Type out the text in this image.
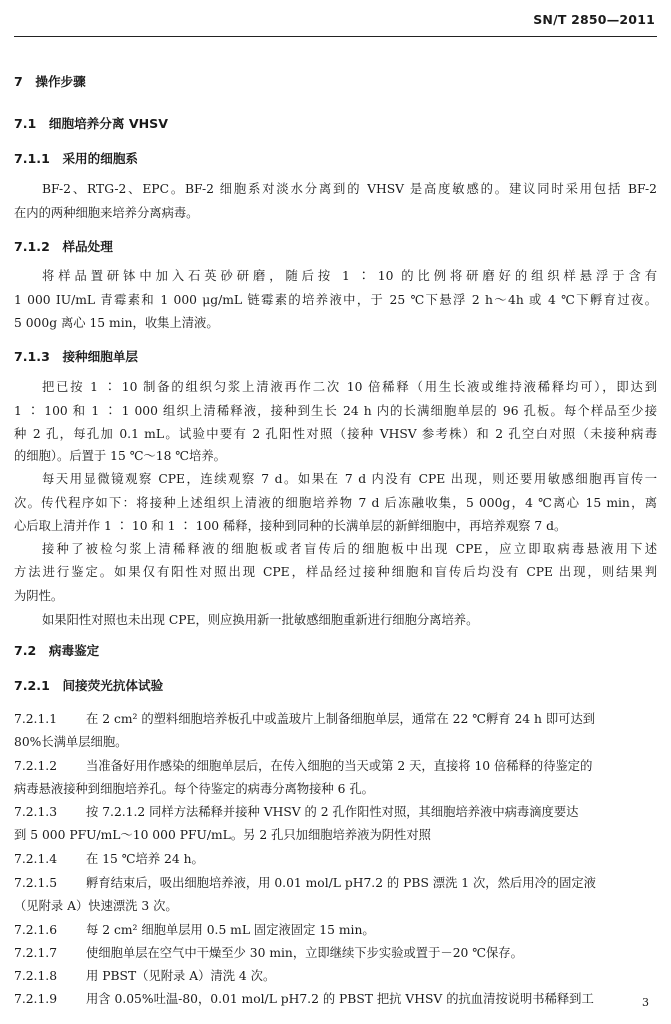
SN/T 2850—2011
7　操作步骤
7.1　细胞培养分离 VHSV
7.1.1　采用的细胞系
BF-2、RTG-2、EPC。BF-2 细胞系对淡水分离到的 VHSV 是高度敏感的。建议同时采用包括 BF-2
在内的两种细胞来培养分离病毒。
7.1.2　样品处理
将样品置研钵中加入石英砂研磨，随后按 1 ∶ 10 的比例将研磨好的组织样悬浮于含有
1 000 IU/mL 青霉素和 1 000 μg/mL 链霉素的培养液中，于 25 ℃下悬浮 2 h～4h 或 4 ℃下孵育过夜。
5 000g 离心 15 min，收集上清液。
7.1.3　接种细胞单层
把已按 1 ∶ 10 制备的组织匀浆上清液再作二次 10 倍稀释（用生长液或维持液稀释均可），即达到
1 ∶ 100 和 1 ∶ 1 000 组织上清稀释液，接种到生长 24 h 内的长满细胞单层的 96 孔板。每个样品至少接
种 2 孔，每孔加 0.1 mL。试验中要有 2 孔阳性对照（接种 VHSV 参考株）和 2 孔空白对照（未接种病毒
的细胞）。后置于 15 ℃～18 ℃培养。
每天用显微镜观察 CPE，连续观察 7 d。如果在 7 d 内没有 CPE 出现，则还要用敏感细胞再盲传一
次。传代程序如下：将接种上述组织上清液的细胞培养物 7 d 后冻融收集，5 000g，4 ℃离心 15 min，离
心后取上清并作 1 ∶ 10 和 1 ∶ 100 稀释，接种到同种的长满单层的新鲜细胞中，再培养观察 7 d。
接种了被检匀浆上清稀释液的细胞板或者盲传后的细胞板中出现 CPE，应立即取病毒悬液用下述
方法进行鉴定。如果仅有阳性对照出现 CPE，样品经过接种细胞和盲传后均没有 CPE 出现，则结果判
为阴性。
如果阳性对照也未出现 CPE，则应换用新一批敏感细胞重新进行细胞分离培养。
7.2　病毒鉴定
7.2.1　间接荧光抗体试验
7.2.1.1 在 2 cm² 的塑料细胞培养板孔中或盖玻片上制备细胞单层，通常在 22 ℃孵育 24 h 即可达到
80%长满单层细胞。
7.2.1.2 当准备好用作感染的细胞单层后，在传入细胞的当天或第 2 天，直接将 10 倍稀释的待鉴定的
病毒悬液接种到细胞培养孔。每个待鉴定的病毒分离物接种 6 孔。
7.2.1.3 按 7.2.1.2 同样方法稀释并接种 VHSV 的 2 孔作阳性对照，其细胞培养液中病毒滴度要达
到 5 000 PFU/mL～10 000 PFU/mL。另 2 孔只加细胞培养液为阴性对照
7.2.1.4 在 15 ℃培养 24 h。
7.2.1.5 孵育结束后，吸出细胞培养液，用 0.01 mol/L pH7.2 的 PBS 漂洗 1 次，然后用冷的固定液
（见附录 A）快速漂洗 3 次。
7.2.1.6 每 2 cm² 细胞单层用 0.5 mL 固定液固定 15 min。
7.2.1.7 使细胞单层在空气中干燥至少 30 min，立即继续下步实验或置于－20 ℃保存。
7.2.1.8 用 PBST（见附录 A）清洗 4 次。
7.2.1.9 用含 0.05%吐温-80，0.01 mol/L pH7.2 的 PBST 把抗 VHSV 的抗血清按说明书稀释到工	3
